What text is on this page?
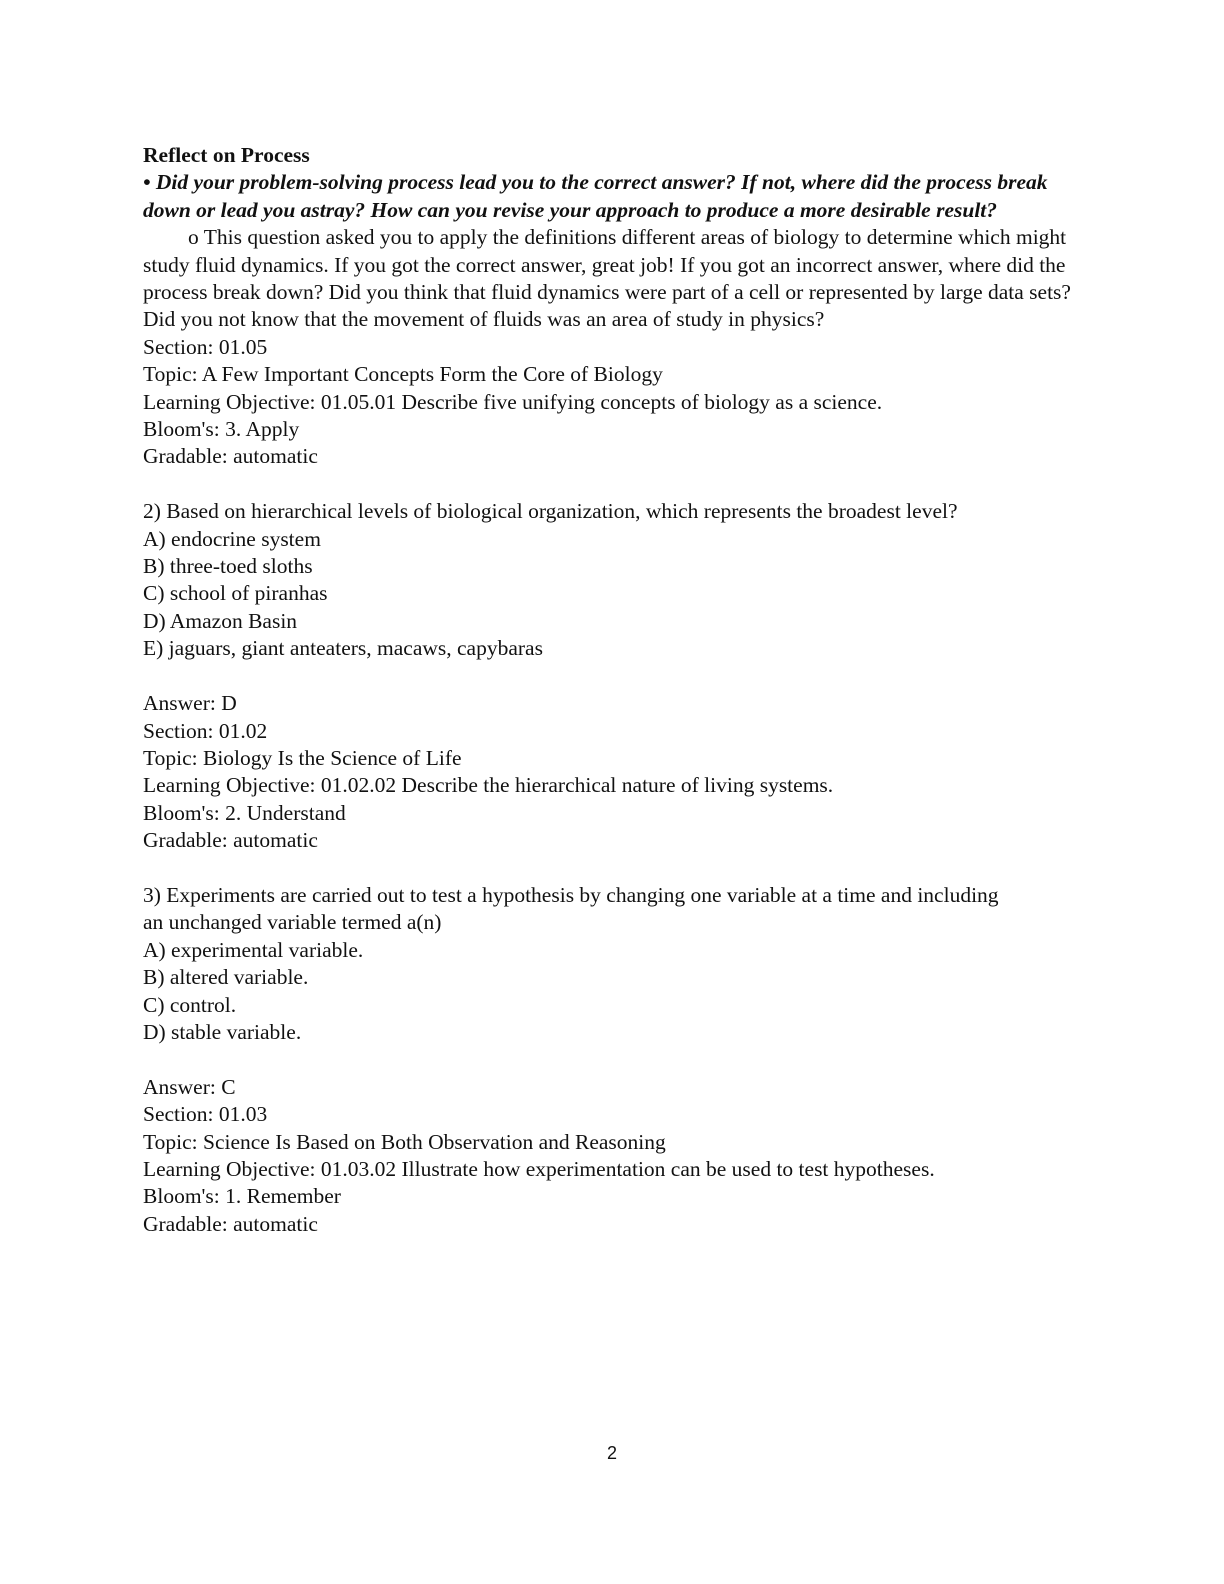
Reflect on Process
• Did your problem-solving process lead you to the correct answer? If not, where did the process break down or lead you astray? How can you revise your approach to produce a more desirable result?
o This question asked you to apply the definitions different areas of biology to determine which might study fluid dynamics. If you got the correct answer, great job! If you got an incorrect answer, where did the process break down? Did you think that fluid dynamics were part of a cell or represented by large data sets? Did you not know that the movement of fluids was an area of study in physics?
Section: 01.05
Topic: A Few Important Concepts Form the Core of Biology
Learning Objective: 01.05.01 Describe five unifying concepts of biology as a science.
Bloom's: 3. Apply
Gradable: automatic
2) Based on hierarchical levels of biological organization, which represents the broadest level?
A) endocrine system
B) three-toed sloths
C) school of piranhas
D) Amazon Basin
E) jaguars, giant anteaters, macaws, capybaras
Answer: D
Section: 01.02
Topic: Biology Is the Science of Life
Learning Objective: 01.02.02 Describe the hierarchical nature of living systems.
Bloom's: 2. Understand
Gradable: automatic
3) Experiments are carried out to test a hypothesis by changing one variable at a time and including
an unchanged variable termed a(n)
A) experimental variable.
B) altered variable.
C) control.
D) stable variable.
Answer: C
Section: 01.03
Topic: Science Is Based on Both Observation and Reasoning
Learning Objective: 01.03.02 Illustrate how experimentation can be used to test hypotheses.
Bloom's: 1. Remember
Gradable: automatic
2
